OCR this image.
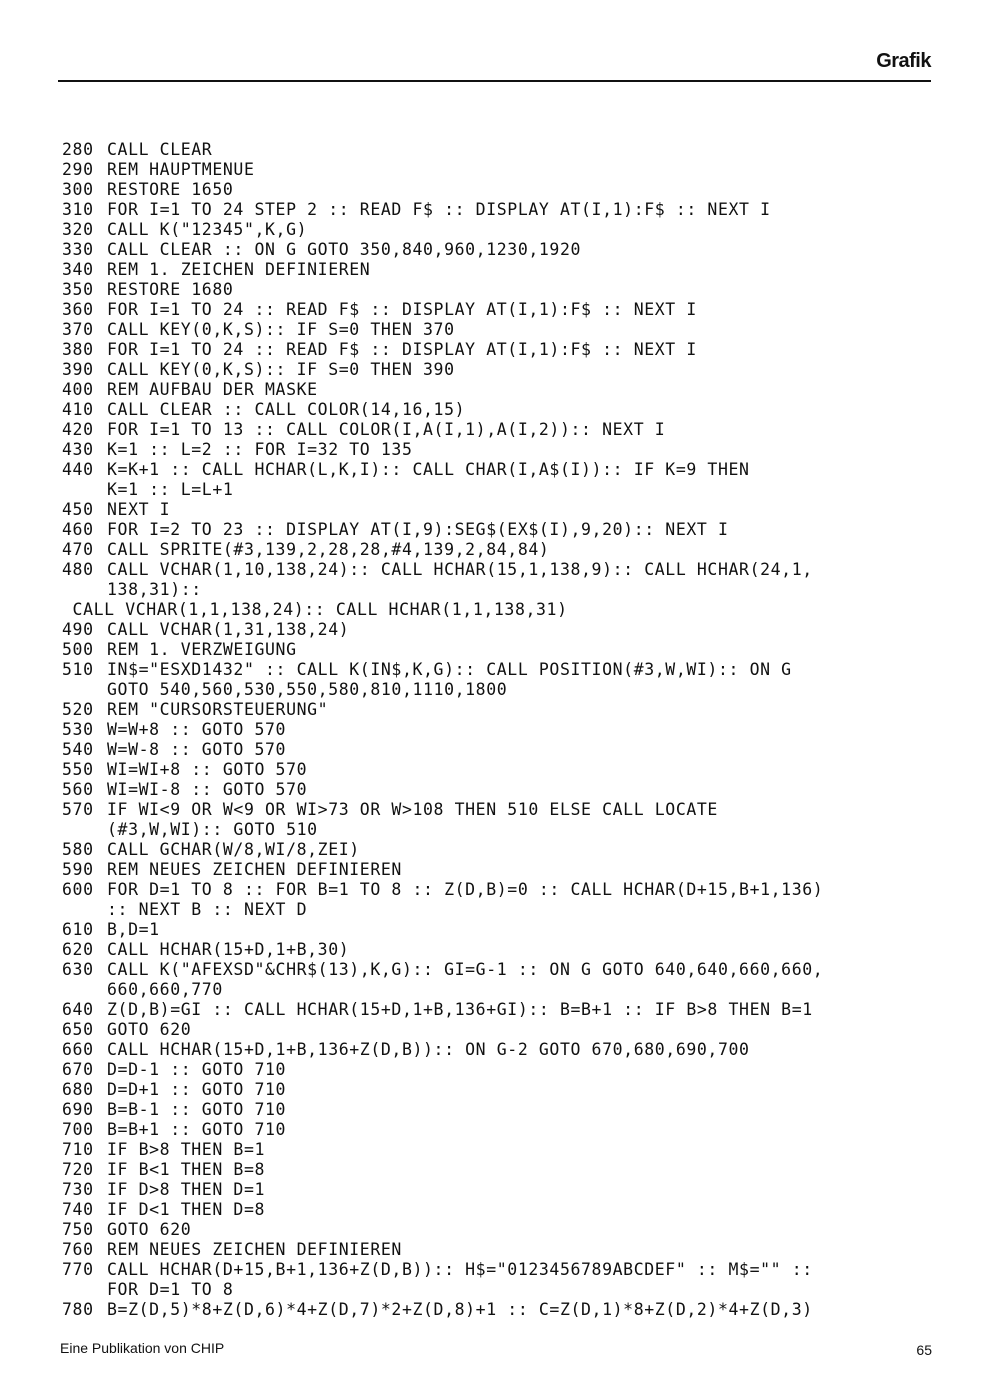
Grafik
280 CALL CLEAR
290 REM HAUPTMENUE
300 RESTORE 1650
310 FOR I=1 TO 24 STEP 2 :: READ F$ :: DISPLAY AT(I,1):F$ :: NEXT I
320 CALL K("12345",K,G)
330 CALL CLEAR :: ON G GOTO 350,840,960,1230,1920
340 REM 1. ZEICHEN DEFINIEREN
350 RESTORE 1680
360 FOR I=1 TO 24 :: READ F$ :: DISPLAY AT(I,1):F$ :: NEXT I
370 CALL KEY(0,K,S):: IF S=0 THEN 370
380 FOR I=1 TO 24 :: READ F$ :: DISPLAY AT(I,1):F$ :: NEXT I
390 CALL KEY(0,K,S):: IF S=0 THEN 390
400 REM AUFBAU DER MASKE
410 CALL CLEAR :: CALL COLOR(14,16,15)
420 FOR I=1 TO 13 :: CALL COLOR(I,A(I,1),A(I,2)):: NEXT I
430 K=1 :: L=2 :: FOR I=32 TO 135
440 K=K+1 :: CALL HCHAR(L,K,I):: CALL CHAR(I,A$(I)):: IF K=9 THEN
K=1 :: L=L+1
450 NEXT I
460 FOR I=2 TO 23 :: DISPLAY AT(I,9):SEG$(EX$(I),9,20):: NEXT I
470 CALL SPRITE(#3,139,2,28,28,#4,139,2,84,84)
480 CALL VCHAR(1,10,138,24):: CALL HCHAR(15,1,138,9):: CALL HCHAR(24,1,
138,31)::
CALL VCHAR(1,1,138,24):: CALL HCHAR(1,1,138,31)
490 CALL VCHAR(1,31,138,24)
500 REM 1. VERZWEIGUNG
510 IN$="ESXD1432" :: CALL K(IN$,K,G):: CALL POSITION(#3,W,WI):: ON G
GOTO 540,560,530,550,580,810,1110,1800
520 REM "CURSORSTEUERUNG"
530 W=W+8 :: GOTO 570
540 W=W-8 :: GOTO 570
550 WI=WI+8 :: GOTO 570
560 WI=WI-8 :: GOTO 570
570 IF WI<9 OR W<9 OR WI>73 OR W>108 THEN 510 ELSE CALL LOCATE
(#3,W,WI):: GOTO 510
580 CALL GCHAR(W/8,WI/8,ZEI)
590 REM NEUES ZEICHEN DEFINIEREN
600 FOR D=1 TO 8 :: FOR B=1 TO 8 :: Z(D,B)=0 :: CALL HCHAR(D+15,B+1,136)
:: NEXT B :: NEXT D
610 B,D=1
620 CALL HCHAR(15+D,1+B,30)
630 CALL K("AFEXSD"&CHR$(13),K,G):: GI=G-1 :: ON G GOTO 640,640,660,660,
660,660,770
640 Z(D,B)=GI :: CALL HCHAR(15+D,1+B,136+GI):: B=B+1 :: IF B>8 THEN B=1
650 GOTO 620
660 CALL HCHAR(15+D,1+B,136+Z(D,B)):: ON G-2 GOTO 670,680,690,700
670 D=D-1 :: GOTO 710
680 D=D+1 :: GOTO 710
690 B=B-1 :: GOTO 710
700 B=B+1 :: GOTO 710
710 IF B>8 THEN B=1
720 IF B<1 THEN B=8
730 IF D>8 THEN D=1
740 IF D<1 THEN D=8
750 GOTO 620
760 REM NEUES ZEICHEN DEFINIEREN
770 CALL HCHAR(D+15,B+1,136+Z(D,B)):: H$="0123456789ABCDEF" :: M$="" ::
FOR D=1 TO 8
780 B=Z(D,5)*8+Z(D,6)*4+Z(D,7)*2+Z(D,8)+1 :: C=Z(D,1)*8+Z(D,2)*4+Z(D,3)
Eine Publikation von CHIP	65
